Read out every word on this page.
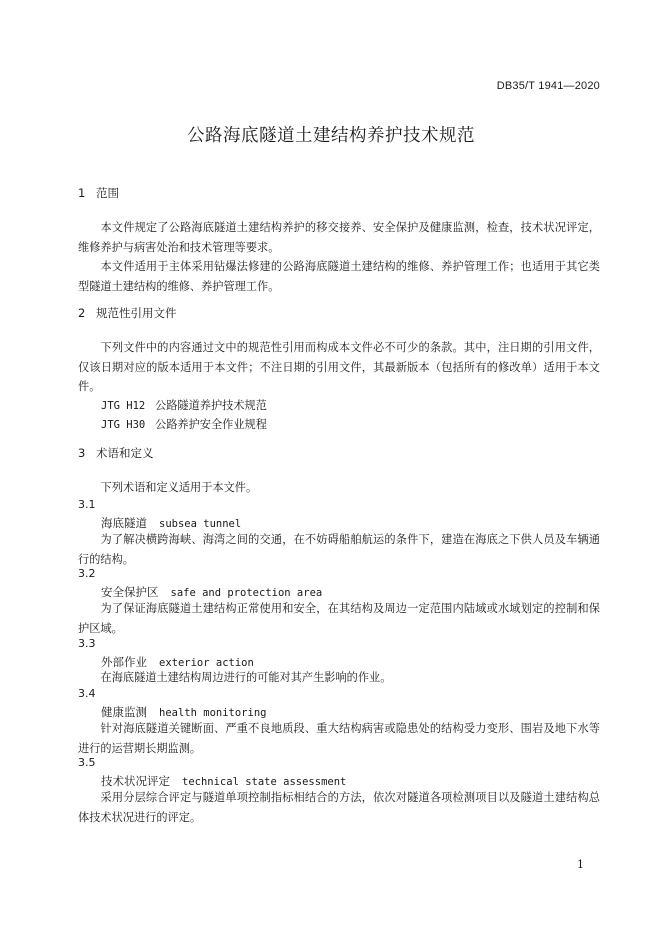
DB35/T 1941—2020
公路海底隧道土建结构养护技术规范
1 范围
本文件规定了公路海底隧道土建结构养护的移交接养、安全保护及健康监测，检查，技术状况评定，维修养护与病害处治和技术管理等要求。
本文件适用于主体采用钻爆法修建的公路海底隧道土建结构的维修、养护管理工作；也适用于其它类型隧道土建结构的维修、养护管理工作。
2 规范性引用文件
下列文件中的内容通过文中的规范性引用而构成本文件必不可少的条款。其中，注日期的引用文件，仅该日期对应的版本适用于本文件；不注日期的引用文件，其最新版本（包括所有的修改单）适用于本文件。
JTG H12 公路隧道养护技术规范
JTG H30 公路养护安全作业规程
3 术语和定义
下列术语和定义适用于本文件。
3.1
海底隧道 subsea tunnel
为了解决横跨海峡、海湾之间的交通，在不妨碍船舶航运的条件下，建造在海底之下供人员及车辆通行的结构。
3.2
安全保护区 safe and protection area
为了保证海底隧道土建结构正常使用和安全，在其结构及周边一定范围内陆域或水域划定的控制和保护区域。
3.3
外部作业 exterior action
在海底隧道土建结构周边进行的可能对其产生影响的作业。
3.4
健康监测 health monitoring
针对海底隧道关键断面、严重不良地质段、重大结构病害或隐患处的结构受力变形、围岩及地下水等进行的运营期长期监测。
3.5
技术状况评定 technical state assessment
采用分层综合评定与隧道单项控制指标相结合的方法，依次对隧道各项检测项目以及隧道土建结构总体技术状况进行的评定。
1
